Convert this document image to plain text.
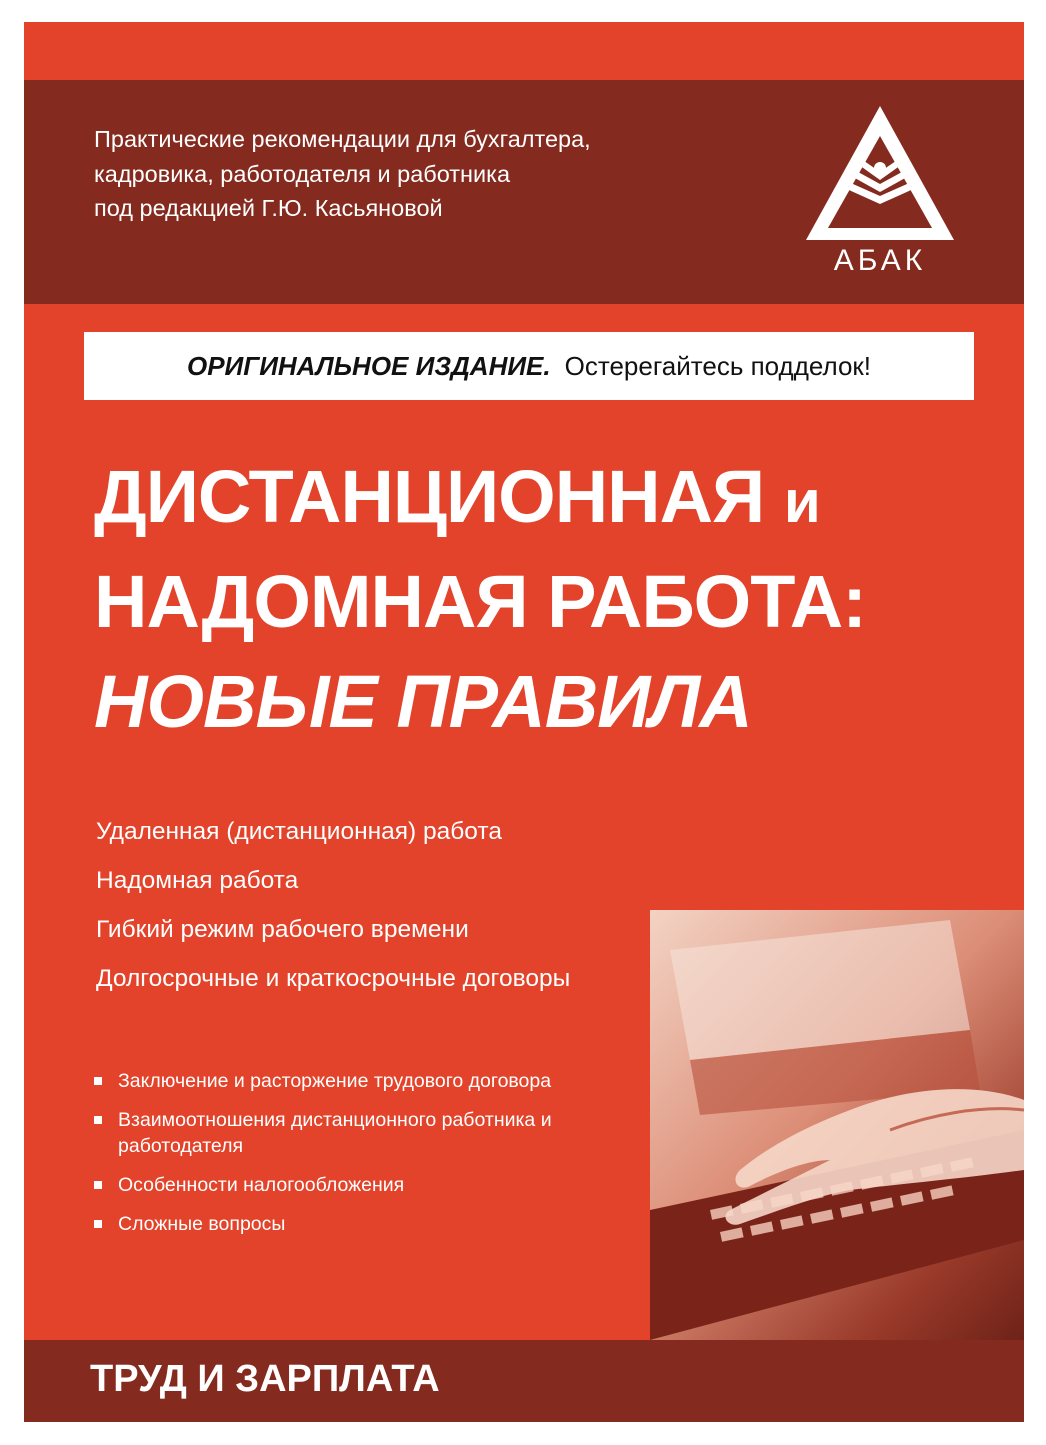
Практические рекомендации для бухгалтера,
кадровика, работодателя и работника
под редакцией Г.Ю. Касьяновой
АБАК
ОРИГИНАЛЬНОЕ ИЗДАНИЕ. Остерегайтесь подделок!
ДИСТАНЦИОННАЯ и
НАДОМНАЯ РАБОТА:
НОВЫЕ ПРАВИЛА
Удаленная (дистанционная) работа
Надомная работа
Гибкий режим рабочего времени
Долгосрочные и краткосрочные договоры
Заключение и расторжение трудового договора
Взаимоотношения дистанционного работника и работодателя
Особенности налогообложения
Сложные вопросы
ТРУД И ЗАРПЛАТА
